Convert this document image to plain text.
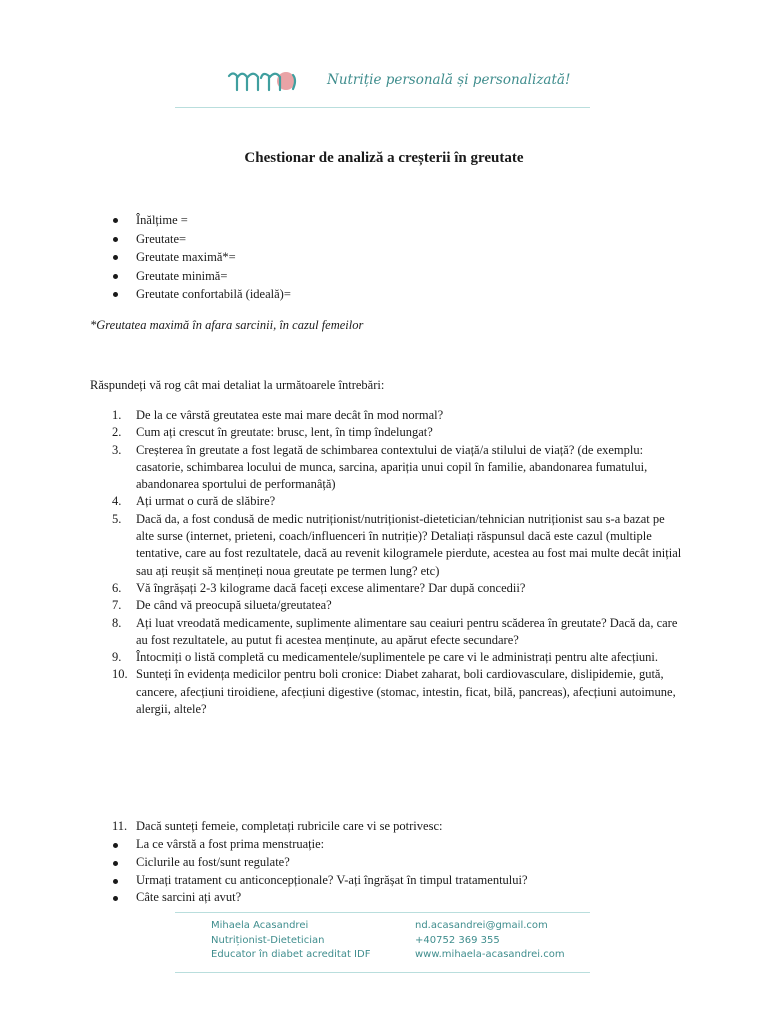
Nutriție personală și personalizată!
Chestionar de analiză a creșterii în greutate
Înălțime =
Greutate=
Greutate maximă*=
Greutate minimă=
Greutate confortabilă (ideală)=
*Greutatea maximă în afara sarcinii, în cazul femeilor
Răspundeți vă rog cât mai detaliat la următoarele întrebări:
1. De la ce vârstă greutatea este mai mare decât în mod normal?
2. Cum ați crescut în greutate: brusc, lent, în timp îndelungat?
3. Creșterea în greutate a fost legată de schimbarea contextului de viață/a stilului de viață? (de exemplu: casatorie, schimbarea locului de munca, sarcina, apariția unui copil în familie, abandonarea fumatului, abandonarea sportului de performanâță)
4. Ați urmat o cură de slăbire?
5. Dacă da, a fost condusă de medic nutriționist/nutriționist-dietetician/tehnician nutriționist sau s-a bazat pe alte surse (internet, prieteni, coach/influenceri în nutriție)? Detaliați răspunsul dacă este cazul (multiple tentative, care au fost rezultatele, dacă au revenit kilogramele pierdute, acestea au fost mai multe decât inițial sau ați reușit să mențineți noua greutate pe termen lung? etc)
6. Vă îngrășați 2-3 kilograme dacă faceți excese alimentare? Dar după concedii?
7. De când vă preocupă silueta/greutatea?
8. Ați luat vreodată medicamente, suplimente alimentare sau ceaiuri pentru scăderea în greutate? Dacă da, care au fost rezultatele, au putut fi acestea menținute, au apărut efecte secundare?
9. Întocmiți o listă completă cu medicamentele/suplimentele pe care vi le administrați pentru alte afecțiuni.
10. Sunteți în evidența medicilor pentru boli cronice: Diabet zaharat, boli cardiovasculare, dislipidemie, gută, cancere, afecțiuni tiroidiene, afecțiuni digestive (stomac, intestin, ficat, bilă, pancreas), afecțiuni autoimune, alergii, altele?
11. Dacă sunteți femeie, completați rubricile care vi se potrivesc:
La ce vârstă a fost prima menstruație:
Ciclurile au fost/sunt regulate?
Urmați tratament cu anticoncepționale? V-ați îngrășat în timpul tratamentului?
Câte sarcini ați avut?
Mihaela Acasandrei
Nutriționist-Dietetician
Educator în diabet acreditat IDF
nd.acasandrei@gmail.com
+40752 369 355
www.mihaela-acasandrei.com
